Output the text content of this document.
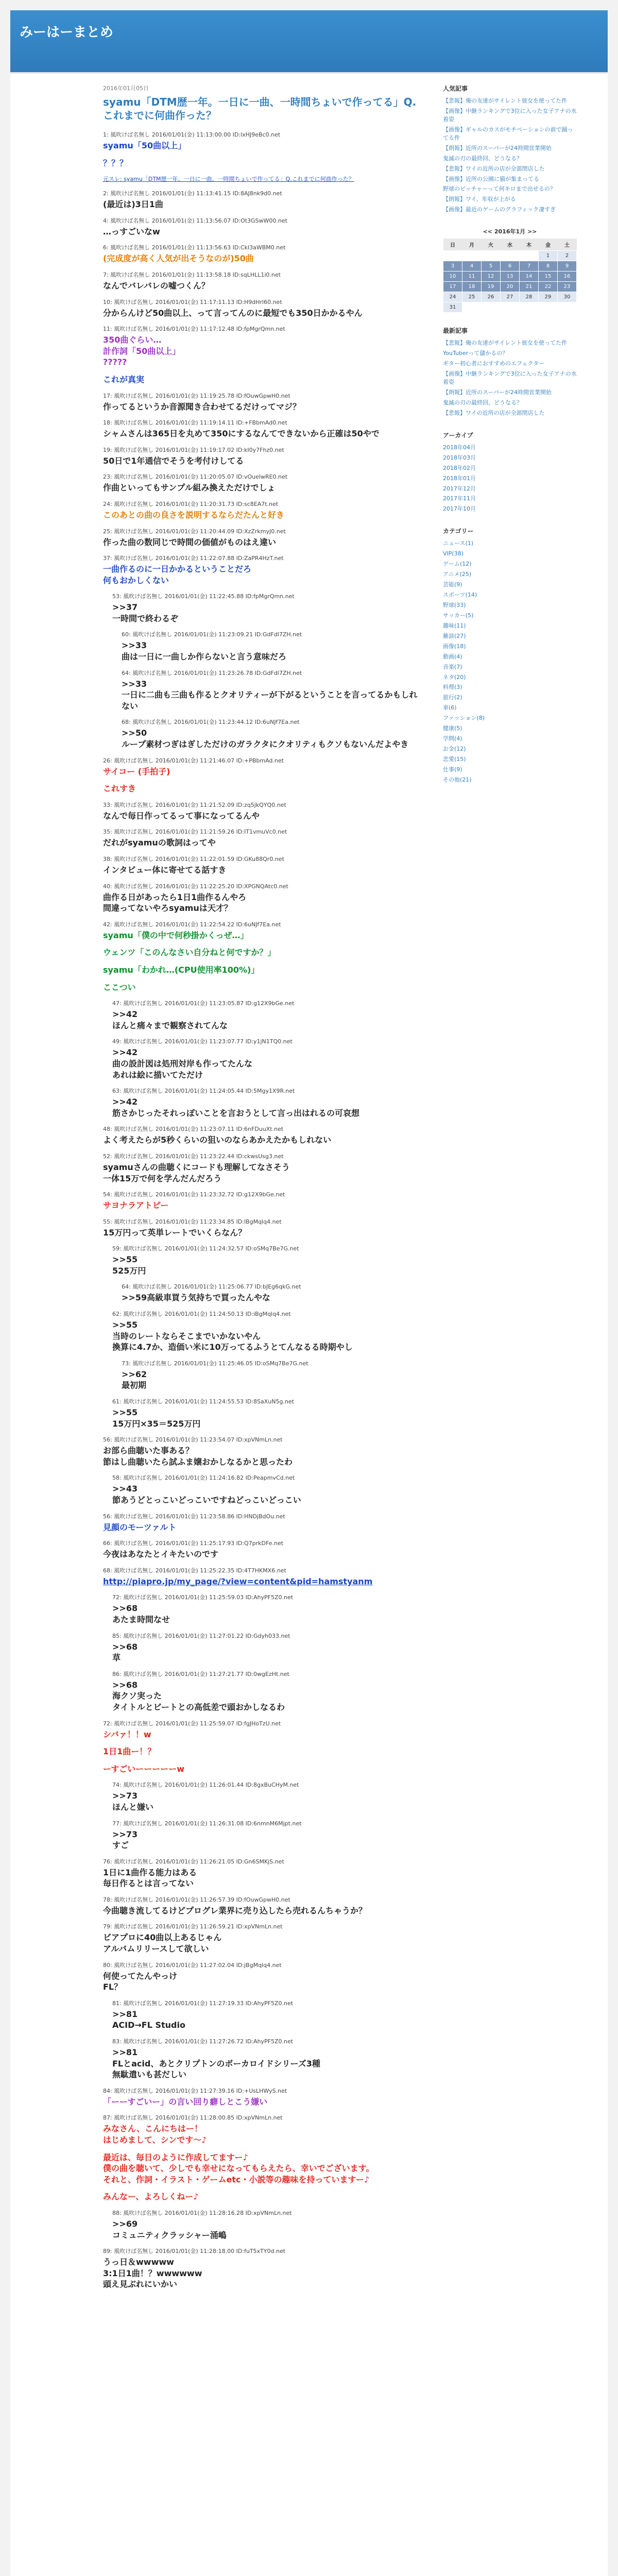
みーはーまとめ
2016年01月05日
syamu「DTM歴一年。一日に一曲、一時間ちょいで作ってる」Q.これまでに何曲作った？
1: 風吹けば名無し 2016/01/01(金) 11:13:00.00 ID:IxHJ9eBc0.net
syamu「50曲以上」
？？？
元スレ: syamu「DTM歴一年。一日に一曲、一時間ちょいで作ってる」Q.これまでに何曲作った？
2: 風吹けば名無し 2016/01/01(金) 11:13:41.15 ID:8AJ8nk9d0.net
(最近は)3日1曲
4: 風吹けば名無し 2016/01/01(金) 11:13:56.07 ID:Ot3GSwW00.net
…っすごいなw
6: 風吹けば名無し 2016/01/01(金) 11:13:56.63 ID:Ckl3aWBM0.net
(完成度が高く人気が出そうなのが)50曲
7: 風吹けば名無し 2016/01/01(金) 11:13:58.18 ID:sqLHLL1i0.net
なんでバレバレの嘘つくん？
10: 風吹けば名無し 2016/01/01(金) 11:17:11.13 ID:H9dHrl60.net
分からんけど50曲以上、って言ってんのに最短でも350日かかるやん
11: 風吹けば名無し 2016/01/01(金) 11:17:12.48 ID:fpMgrQmn.net
350曲ぐらい…
計作詞「50曲以上」
?????
これが真実
17: 風吹けば名無し 2016/01/01(金) 11:19:25.78 ID:fOuwGpwH0.net
作ってるというか音源聞き合わせてるだけってマジ？
18: 風吹けば名無し 2016/01/01(金) 11:19:14.11 ID:+FBbmAd0.net
シャムさんは365日を丸めて350にするなんてできないから正確は50やで
19: 風吹けば名無し 2016/01/01(金) 11:19:17.02 ID:kI0y7Fhz0.net
50日で1年通信でそうを考付けしてる
23: 風吹けば名無し 2016/01/01(金) 11:20:05.07 ID:vOuelwRE0.net
作曲といってもサンプル組み換えただけでしょ
24: 風吹けば名無し 2016/01/01(金) 11:20:31.73 ID:sc8EA7t.net
このあとの曲の良さを説明するならだたんと好き
25: 風吹けば名無し 2016/01/01(金) 11:20:44.09 ID:XzZrkmyJ0.net
作った曲の数同じで時間の価値がものはえ違い
37: 風吹けば名無し 2016/01/01(金) 11:22:07.88 ID:ZaPR4HzT.net
一曲作るのに一日かかるということだろ
何もおかしくない
53: 風吹けば名無し 2016/01/01(金) 11:22:45.88 ID:fpMgrQmn.net
>>37
一時間で終わるぞ
60: 風吹けば名無し 2016/01/01(金) 11:23:09.21 ID:GdFdl7ZH.net
>>33
曲は一日に一曲しか作らないと言う意味だろ
64: 風吹けば名無し 2016/01/01(金) 11:23:26.78 ID:GdFdl7ZH.net
>>33
一日に二曲も三曲も作るとクオリティーが下がるということを言ってるかもしれない
68: 風吹けば名無し 2016/01/01(金) 11:23:44.12 ID:6uNJf7Ea.net
>>50
ループ素材つぎはぎしただけのガラクタにクオリティもクソもないんだよやき
26: 風吹けば名無し 2016/01/01(金) 11:21:46.07 ID:+PBbmAd.net
サイコー (手拍子)
これすき
33: 風吹けば名無し 2016/01/01(金) 11:21:52.09 ID:zq5jkQYQ0.net
なんで毎日作ってるって事になってるんや
35: 風吹けば名無し 2016/01/01(金) 11:21:59.26 ID:IT1vmuVc0.net
だれがsyamuの歌詞はってや
38: 風吹けば名無し 2016/01/01(金) 11:22:01.59 ID:GKu88Qr0.net
インタビュー体に寄せてる話すき
40: 風吹けば名無し 2016/01/01(金) 11:22:25.20 ID:XPGNQAtc0.net
曲作る日があったら1日1曲作るんやろ
間違ってないやろsyamuは天才？
42: 風吹けば名無し 2016/01/01(金) 11:22:54.22 ID:6uNJf7Ea.net
syamu「僕の中で何秒掛かくっぜ…」
ウェンツ「このんなさい自分ねと何ですか？」
syamu「わかれ…(CPU使用率100%)」
ここつい
47: 風吹けば名無し 2016/01/01(金) 11:23:05.87 ID:g12X9bGe.net
>>42
ほんと痛々まで観察されてんな
49: 風吹けば名無し 2016/01/01(金) 11:23:07.77 ID:y1jN1TQ0.net
>>42
曲の設計図は処刑対岸も作ってたんな
あれは絵に描いてただけ
63: 風吹けば名無し 2016/01/01(金) 11:24:05.44 ID:5Mgy1X9R.net
>>42
筋さかじったそれっぽいことを言おうとして言っ出はれるの可哀想
48: 風吹けば名無し 2016/01/01(金) 11:23:07.11 ID:6nFDuuXt.net
よく考えたらが5秒くらいの狙いのならあかえたかもしれない
52: 風吹けば名無し 2016/01/01(金) 11:23:22.44 ID:ckwsUsg3.net
syamuさんの曲聴くにコードも理解してなさそう
一体15万で何を学んだんだろう
54: 風吹けば名無し 2016/01/01(金) 11:23:32.72 ID:g12X9bGe.net
サヨナラアトピー
55: 風吹けば名無し 2016/01/01(金) 11:23:34.85 ID:lBgMqlq4.net
15万円って英単レートでいくらなん？
59: 風吹けば名無し 2016/01/01(金) 11:24:32.57 ID:oSMq7Be7G.net
>>55
525万円
64: 風吹けば名無し 2016/01/01(金) 11:25:06.77 ID:bJEg6qkG.net
>>59高級車買う気持ちで買ったんやな
62: 風吹けば名無し 2016/01/01(金) 11:24:50.13 ID:iBgMqlq4.net
>>55
当時のレートならそこまでいかないやん
換算に4.7か、造価い米に10万ってるふうとてんなるる時期やし
73: 風吹けば名無し 2016/01/01(金) 11:25:46.05 ID:oSMq7Be7G.net
>>62
最初期
61: 風吹けば名無し 2016/01/01(金) 11:24:55.53 ID:8SaXuN5g.net
>>55
15万円×35＝525万円
56: 風吹けば名無し 2016/01/01(金) 11:23:54.07 ID:xpVNmLn.net
お部ら曲聴いた事ある？
節はし曲聴いたら試ふま嬢おかしなるかと思ったわ
58: 風吹けば名無し 2016/01/01(金) 11:24:16.82 ID:PeapmvCd.net
>>43
節あうどとっこいどっこいですねどっこいどっこい
56: 風吹けば名無し 2016/01/01(金) 11:23:58.86 ID:HNDjBdOu.net
見顔のモーツァルト
66: 風吹けば名無し 2016/01/01(金) 11:25:17.93 ID:Q7prkDFe.net
今夜はあなたとイキたいのです
68: 風吹けば名無し 2016/01/01(金) 11:25:22.35 ID:4T7HKMX6.net
http://piapro.jp/my_page/?view=content&pid=hamstyanm
72: 風吹けば名無し 2016/01/01(金) 11:25:59.03 ID:AhyPF5Z0.net
>>68
あたま時間なせ
85: 風吹けば名無し 2016/01/01(金) 11:27:01.22 ID:Gdyh033.net
>>68
草
86: 風吹けば名無し 2016/01/01(金) 11:27:21.77 ID:0wgEzHt.net
>>68
海クソ実った
タイトルとビートとの高低差で頭おかしなるわ
72: 風吹けば名無し 2016/01/01(金) 11:25:59.07 ID:fgJHoTzU.net
シバァ！！w
1日1曲ー！？
ーすごいーーーーーw
74: 風吹けば名無し 2016/01/01(金) 11:26:01.44 ID:8gxBuCHyM.net
>>73
ほんと嫌い
77: 風吹けば名無し 2016/01/01(金) 11:26:31.08 ID:6nmnM6Mjpt.net
>>73
すご
76: 風吹けば名無し 2016/01/01(金) 11:26:21.05 ID:Gn6SMKjS.net
1日に1曲作る能力はある
毎日作るとは言ってない
78: 風吹けば名無し 2016/01/01(金) 11:26:57.39 ID:fOuwGpwH0.net
今曲聴き流してるけどプログレ業界に売り込したら売れるんちゃうか？
79: 風吹けば名無し 2016/01/01(金) 11:26:59.21 ID:xpVNmLn.net
ビアプロに40曲以上あるじゃん
アルバムリリースして欲しい
80: 風吹けば名無し 2016/01/01(金) 11:27:02.04 ID:jBgMqlq4.net
何使ってたんやっけ
FL？
81: 風吹けば名無し 2016/01/01(金) 11:27:19.33 ID:AhyPF5Z0.net
>>81
ACID→FL Studio
83: 風吹けば名無し 2016/01/01(金) 11:27:26.72 ID:AhyPF5Z0.net
>>81
FLとacid、あとクリプトンのボーカロイドシリーズ3種
無駄遣いも甚だしい
84: 風吹けば名無し 2016/01/01(金) 11:27:39.16 ID:+UsLHWyS.net
「ーーすごいー」の言い回り癖しとこう嫌い
87: 風吹けば名無し 2016/01/01(金) 11:28:00.85 ID:xpVNmLn.net
みなさん、こんにちはー！
はじめまして、シンです～♪
最近は、毎日のように作成してますー♪
僕の曲を聴いて、少しでも幸せになってもらえたら、幸いでございます。
それと、作詞・イラスト・ゲームetc・小説等の趣味を持っていますー♪
みんなー、よろしくねー♪
88: 風吹けば名無し 2016/01/01(金) 11:28:16.28 ID:xpVNmLn.net
>>69
コミュニティクラッシャー涌嶋
89: 風吹けば名無し 2016/01/01(金) 11:28:18.00 ID:fuT5xTY0d.net
うっ日＆wwwww
3:1日1曲！？wwwwww
頭え見ぶれにいかい
人気記事
【悲報】俺の友達がサイレント彼女を使ってた件
【画像】中継ランキングで3位に入った女子アナの水着姿
【画像】ギャルのカスがモチベーションの前で踊ってる件
【朗報】近所のスーパーが24時間営業開始
鬼滅の刃の最終回、どうなる？
【悲報】ワイの近所の店が全部閉店した
【画像】近所の公園に猫が集まってる
野球のピッチャーって何キロまで出せるの？
【朗報】ワイ、年収が上がる
【画像】最近のゲームのグラフィック凄すぎ
<< 2016年1月 >>
日	月	火	水	木	金	土
					1	2
3	4	5	6	7	8	9
10	11	12	13	14	15	16
17	18	19	20	21	22	23
24	25	26	27	28	29	30
31						
最新記事
【悲報】俺の友達がサイレント彼女を使ってた件
YouTuberって儲かるの？
ギター初心者におすすめのエフェクター
【画像】中継ランキングで3位に入った女子アナの水着姿
【朗報】近所のスーパーが24時間営業開始
鬼滅の刃の最終回、どうなる？
【悲報】ワイの近所の店が全部閉店した
アーカイブ
2018年04月
2018年03月
2018年02月
2018年01月
2017年12月
2017年11月
2017年10月
カテゴリー
ニュース(1)
VIP(38)
ゲーム(12)
アニメ(25)
芸能(9)
スポーツ(14)
野球(33)
サッカー(5)
趣味(11)
雑談(27)
画像(18)
動画(4)
音楽(7)
ネタ(20)
料理(3)
旅行(2)
車(6)
ファッション(8)
健康(5)
学問(4)
お金(12)
恋愛(15)
仕事(9)
その他(21)
